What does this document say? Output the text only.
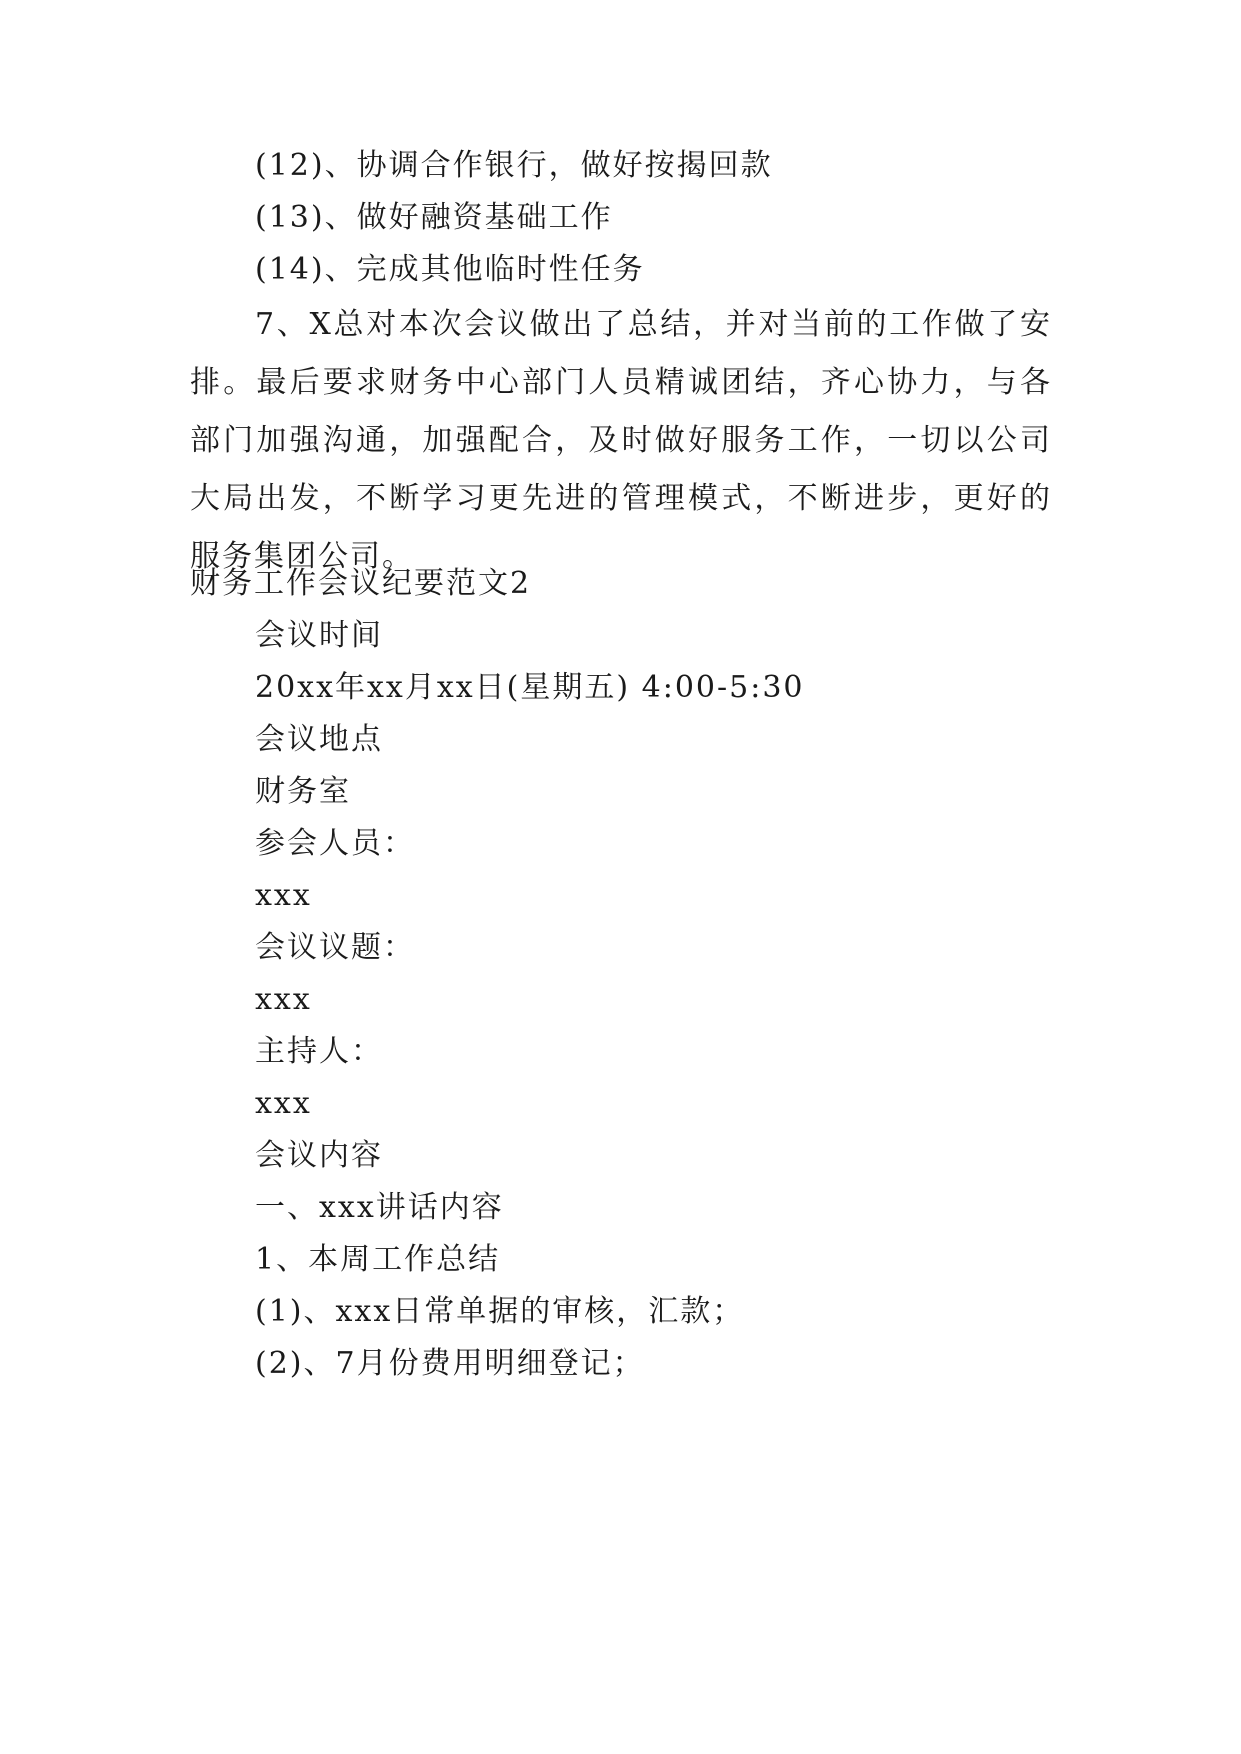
(12)、协调合作银行，做好按揭回款
(13)、做好融资基础工作
(14)、完成其他临时性任务
7、X总对本次会议做出了总结，并对当前的工作做了安排。最后要求财务中心部门人员精诚团结，齐心协力，与各部门加强沟通，加强配合，及时做好服务工作，一切以公司大局出发，不断学习更先进的管理模式，不断进步，更好的服务集团公司。
财务工作会议纪要范文2
会议时间
20xx年xx月xx日(星期五) 4:00-5:30
会议地点
财务室
参会人员：
xxx
会议议题：
xxx
主持人：
xxx
会议内容
一、xxx讲话内容
1、本周工作总结
(1)、xxx日常单据的审核，汇款；
(2)、7月份费用明细登记；
